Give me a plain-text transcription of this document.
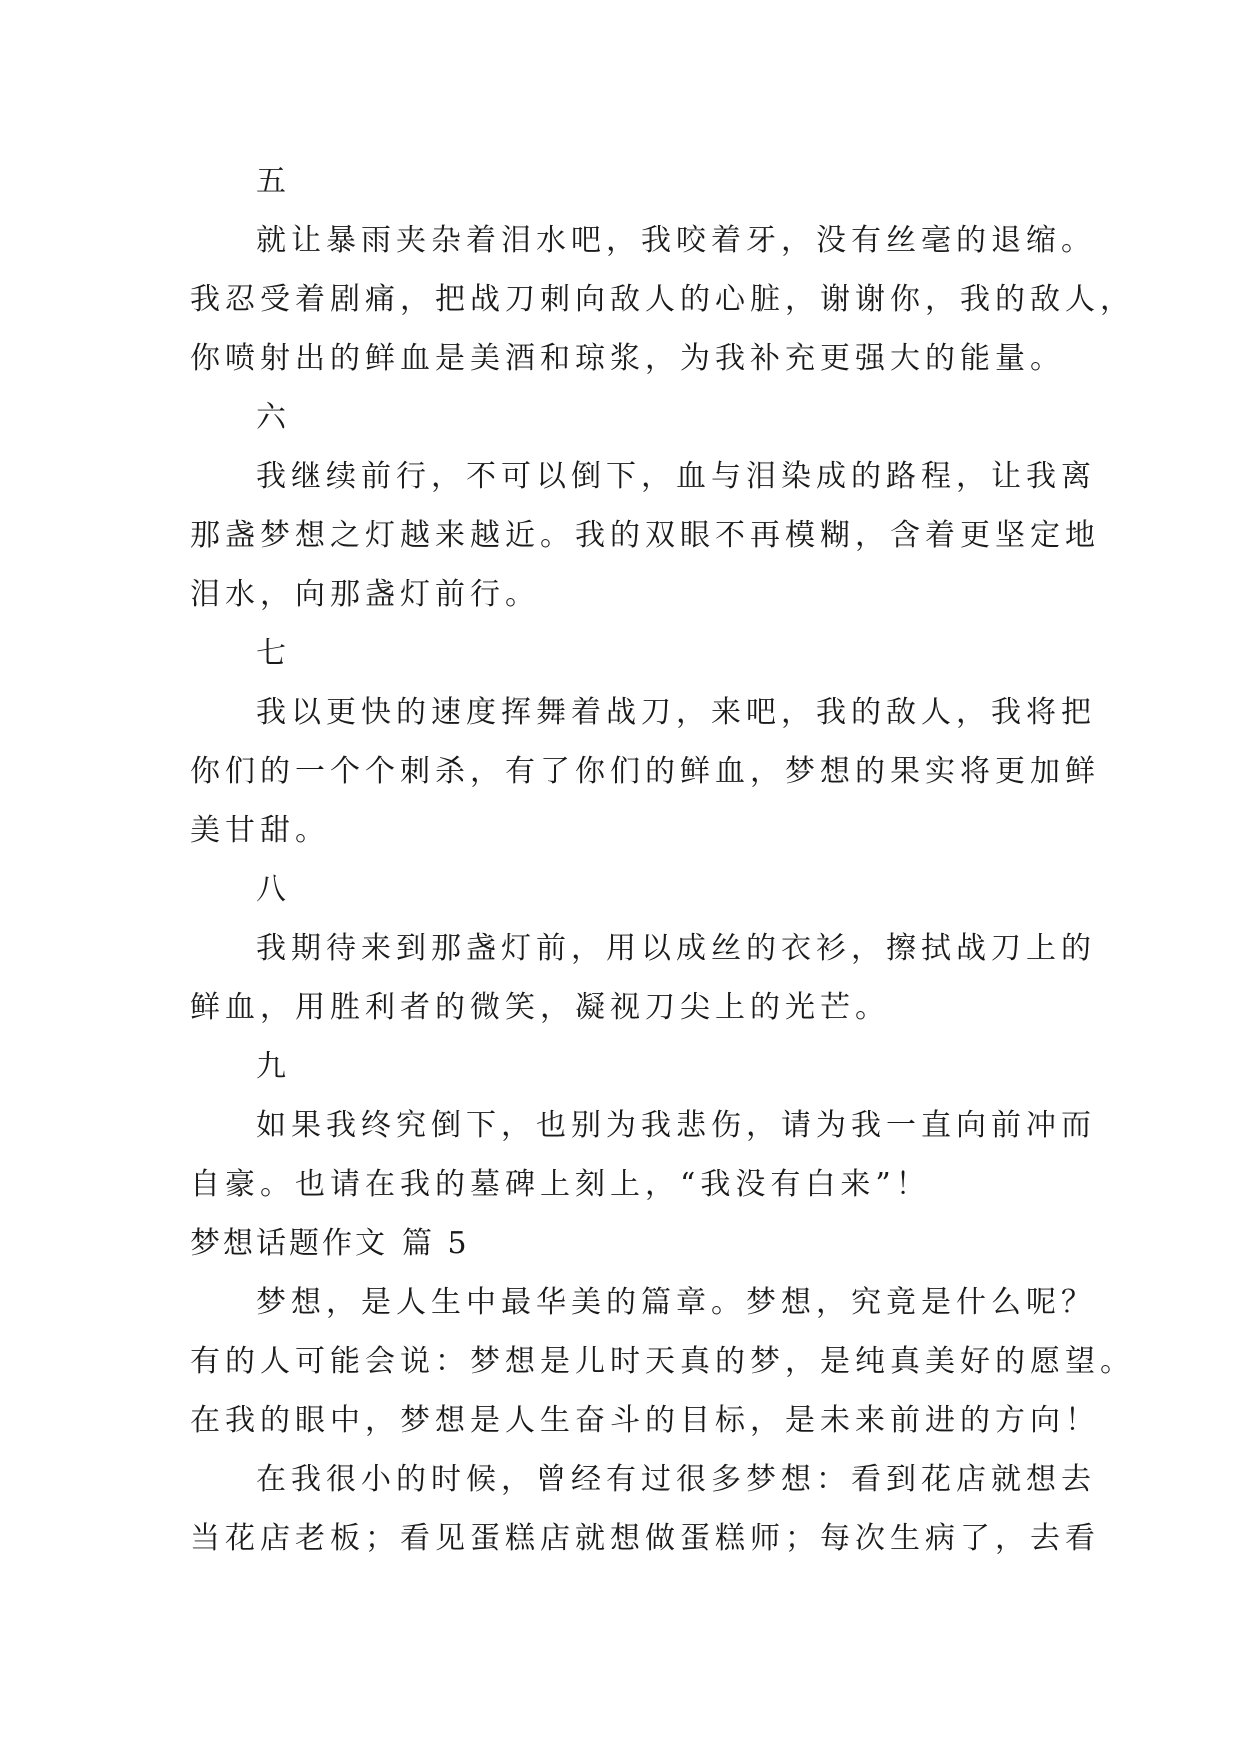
五

就让暴雨夹杂着泪水吧，我咬着牙，没有丝毫的退缩。

我忍受着剧痛，把战刀刺向敌人的心脏，谢谢你，我的敌人，

你喷射出的鲜血是美酒和琼浆，为我补充更强大的能量。

六

我继续前行，不可以倒下，血与泪染成的路程，让我离

那盏梦想之灯越来越近。我的双眼不再模糊，含着更坚定地

泪水，向那盏灯前行。

七

我以更快的速度挥舞着战刀，来吧，我的敌人，我将把

你们的一个个刺杀，有了你们的鲜血，梦想的果实将更加鲜

美甘甜。

八

我期待来到那盏灯前，用以成丝的衣衫，擦拭战刀上的

鲜血，用胜利者的微笑，凝视刀尖上的光芒。

九

如果我终究倒下，也别为我悲伤，请为我一直向前冲而

自豪。也请在我的墓碑上刻上，“我没有白来”！

梦想话题作文 篇 5

梦想，是人生中最华美的篇章。梦想，究竟是什么呢？

有的人可能会说：梦想是儿时天真的梦，是纯真美好的愿望。

在我的眼中，梦想是人生奋斗的目标，是未来前进的方向！

在我很小的时候，曾经有过很多梦想：看到花店就想去

当花店老板；看见蛋糕店就想做蛋糕师；每次生病了，去看
